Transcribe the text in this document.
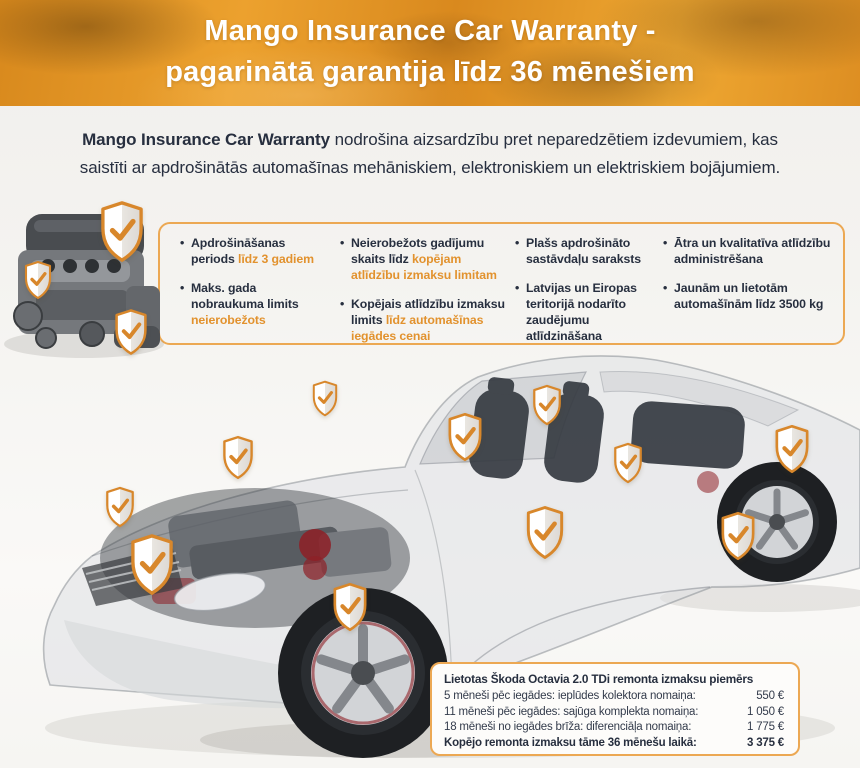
Mango Insurance Car Warranty -
pagarinātā garantija līdz 36 mēnešiem
Mango Insurance Car Warranty nodrošina aizsardzību pret neparedzētiem izdevumiem, kas
saistīti ar apdrošinātās automašīnas mehāniskiem, elektroniskiem un elektriskiem bojājumiem.
• Apdrošināšanas periods līdz 3 gadiem
• Maks. gada nobraukuma limits neierobežots
• Neierobežots gadījumu skaits līdz kopējam atlīdzību izmaksu limitam
• Kopējais atlīdzību izmaksu limits līdz automašīnas iegādes cenai
• Plašs apdrošināto sastāvdaļu saraksts
• Latvijas un Eiropas teritorijā nodarīto zaudējumu atlīdzināšana
• Ātra un kvalitatīva atlīdzību administrēšana
• Jaunām un lietotām automašīnām līdz 3500 kg
Lietotas Škoda Octavia 2.0 TDi remonta izmaksu piemērs
5 mēneši pēc iegādes: ieplūdes kolektora nomaiņa:	550 €
11 mēneši pēc iegādes: sajūga komplekta nomaiņa:	1 050 €
18 mēneši no iegādes brīža: diferenciāļa nomaiņa:	1 775 €
Kopējo remonta izmaksu tāme 36 mēnešu laikā:	3 375 €
